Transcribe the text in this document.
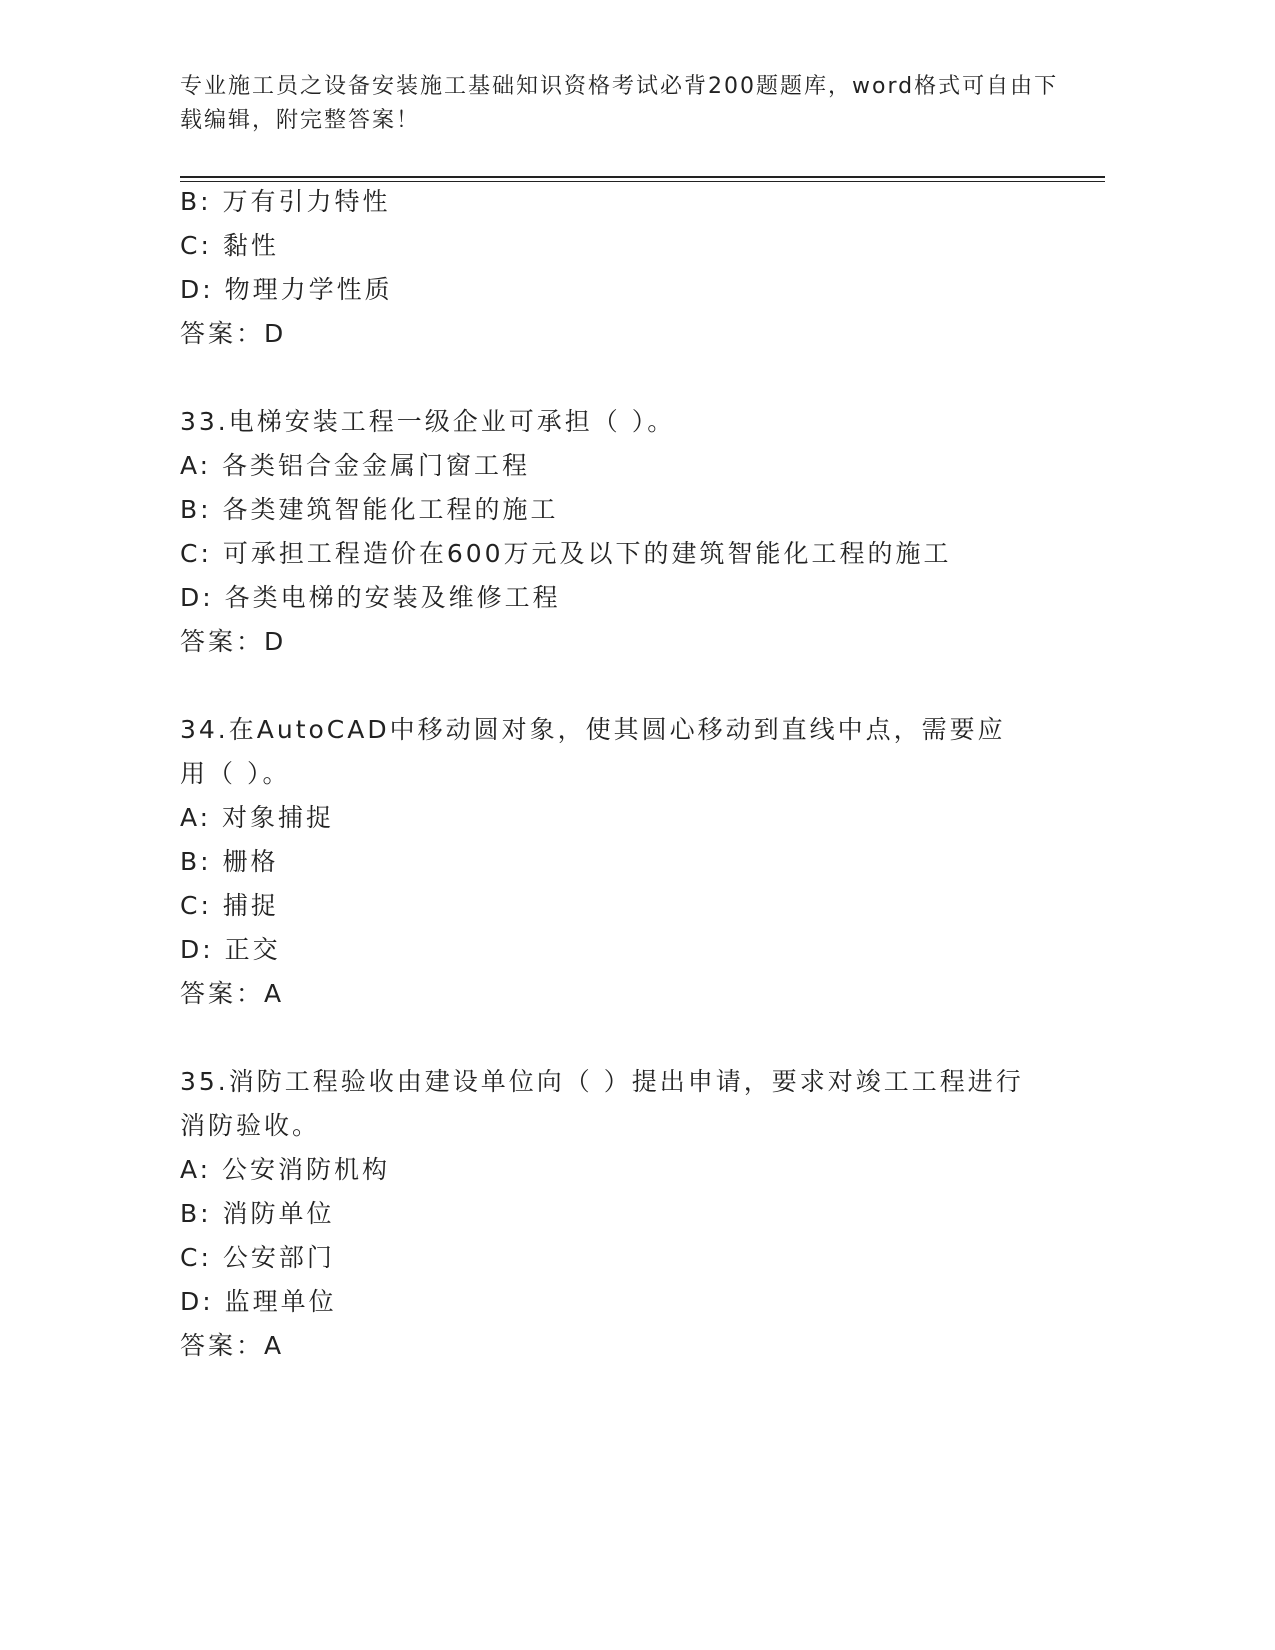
专业施工员之设备安装施工基础知识资格考试必背200题题库，word格式可自由下载编辑，附完整答案！
B: 万有引力特性
C: 黏性
D: 物理力学性质
答案：D
33.电梯安装工程一级企业可承担（ ）。
A: 各类铝合金金属门窗工程
B: 各类建筑智能化工程的施工
C: 可承担工程造价在600万元及以下的建筑智能化工程的施工
D: 各类电梯的安装及维修工程
答案：D
34.在AutoCAD中移动圆对象，使其圆心移动到直线中点，需要应用（ ）。
A: 对象捕捉
B: 栅格
C: 捕捉
D: 正交
答案：A
35.消防工程验收由建设单位向（ ）提出申请，要求对竣工工程进行消防验收。
A: 公安消防机构
B: 消防单位
C: 公安部门
D: 监理单位
答案：A
